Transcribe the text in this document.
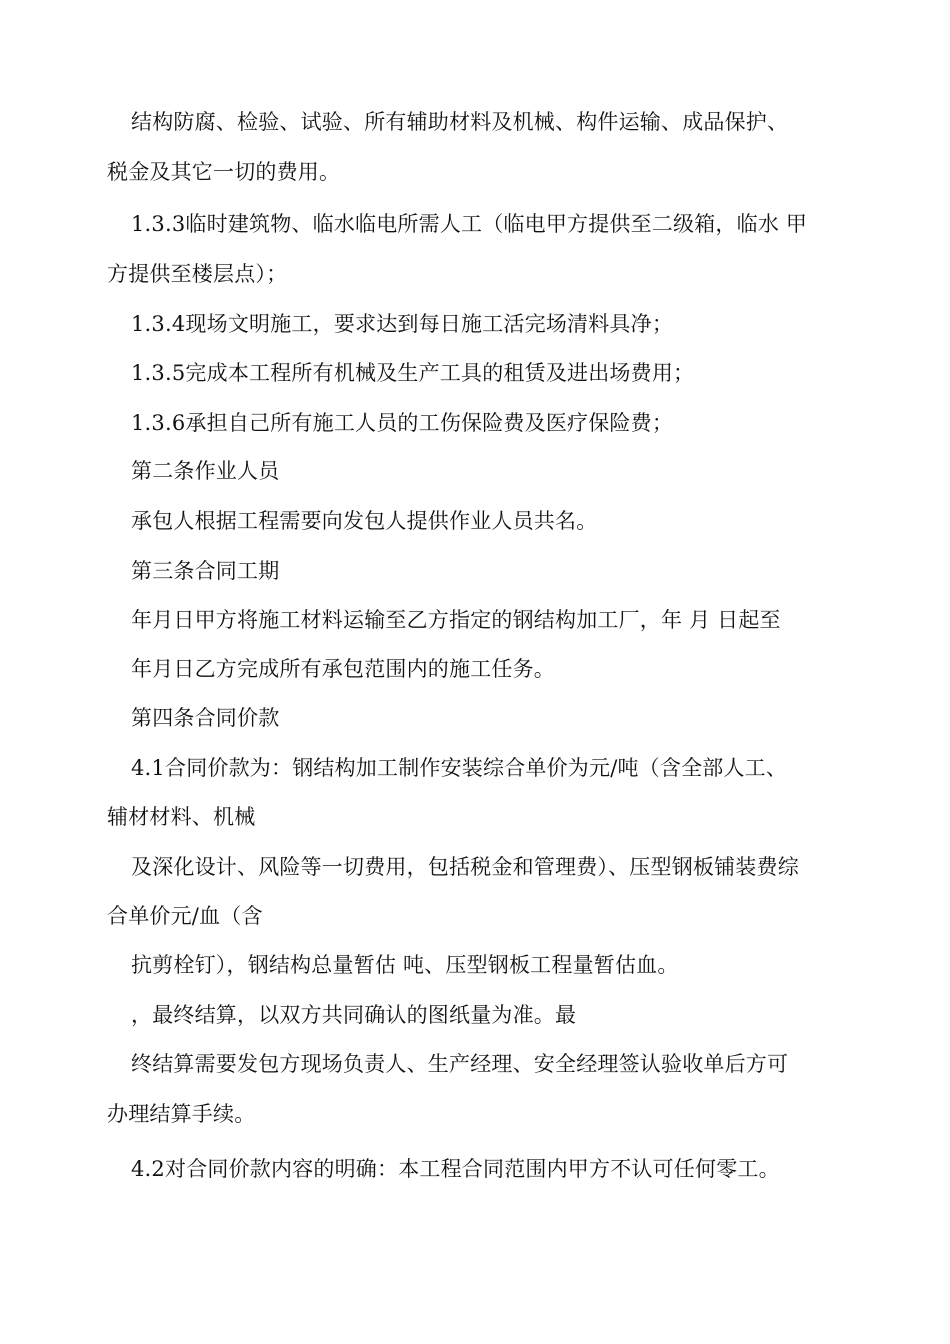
结构防腐、检验、试验、所有辅助材料及机械、构件运输、成品保护、
税金及其它一切的费用。
1.3.3临时建筑物、临水临电所需人工（临电甲方提供至二级箱，临水 甲
方提供至楼层点）；
1.3.4现场文明施工，要求达到每日施工活完场清料具净；
1.3.5完成本工程所有机械及生产工具的租赁及进出场费用；
1.3.6承担自己所有施工人员的工伤保险费及医疗保险费；
第二条作业人员
承包人根据工程需要向发包人提供作业人员共名。
第三条合同工期
年月日甲方将施工材料运输至乙方指定的钢结构加工厂，年 月 日起至
年月日乙方完成所有承包范围内的施工任务。
第四条合同价款
4.1合同价款为：钢结构加工制作安装综合单价为元/吨（含全部人工、
辅材材料、机械
及深化设计、风险等一切费用，包括税金和管理费）、压型钢板铺装费综
合单价元/血（含
抗剪栓钉），钢结构总量暂估 吨、压型钢板工程量暂估血。
，最终结算，以双方共同确认的图纸量为准。最
终结算需要发包方现场负责人、生产经理、安全经理签认验收单后方可
办理结算手续。
4.2对合同价款内容的明确：本工程合同范围内甲方不认可任何零工。
